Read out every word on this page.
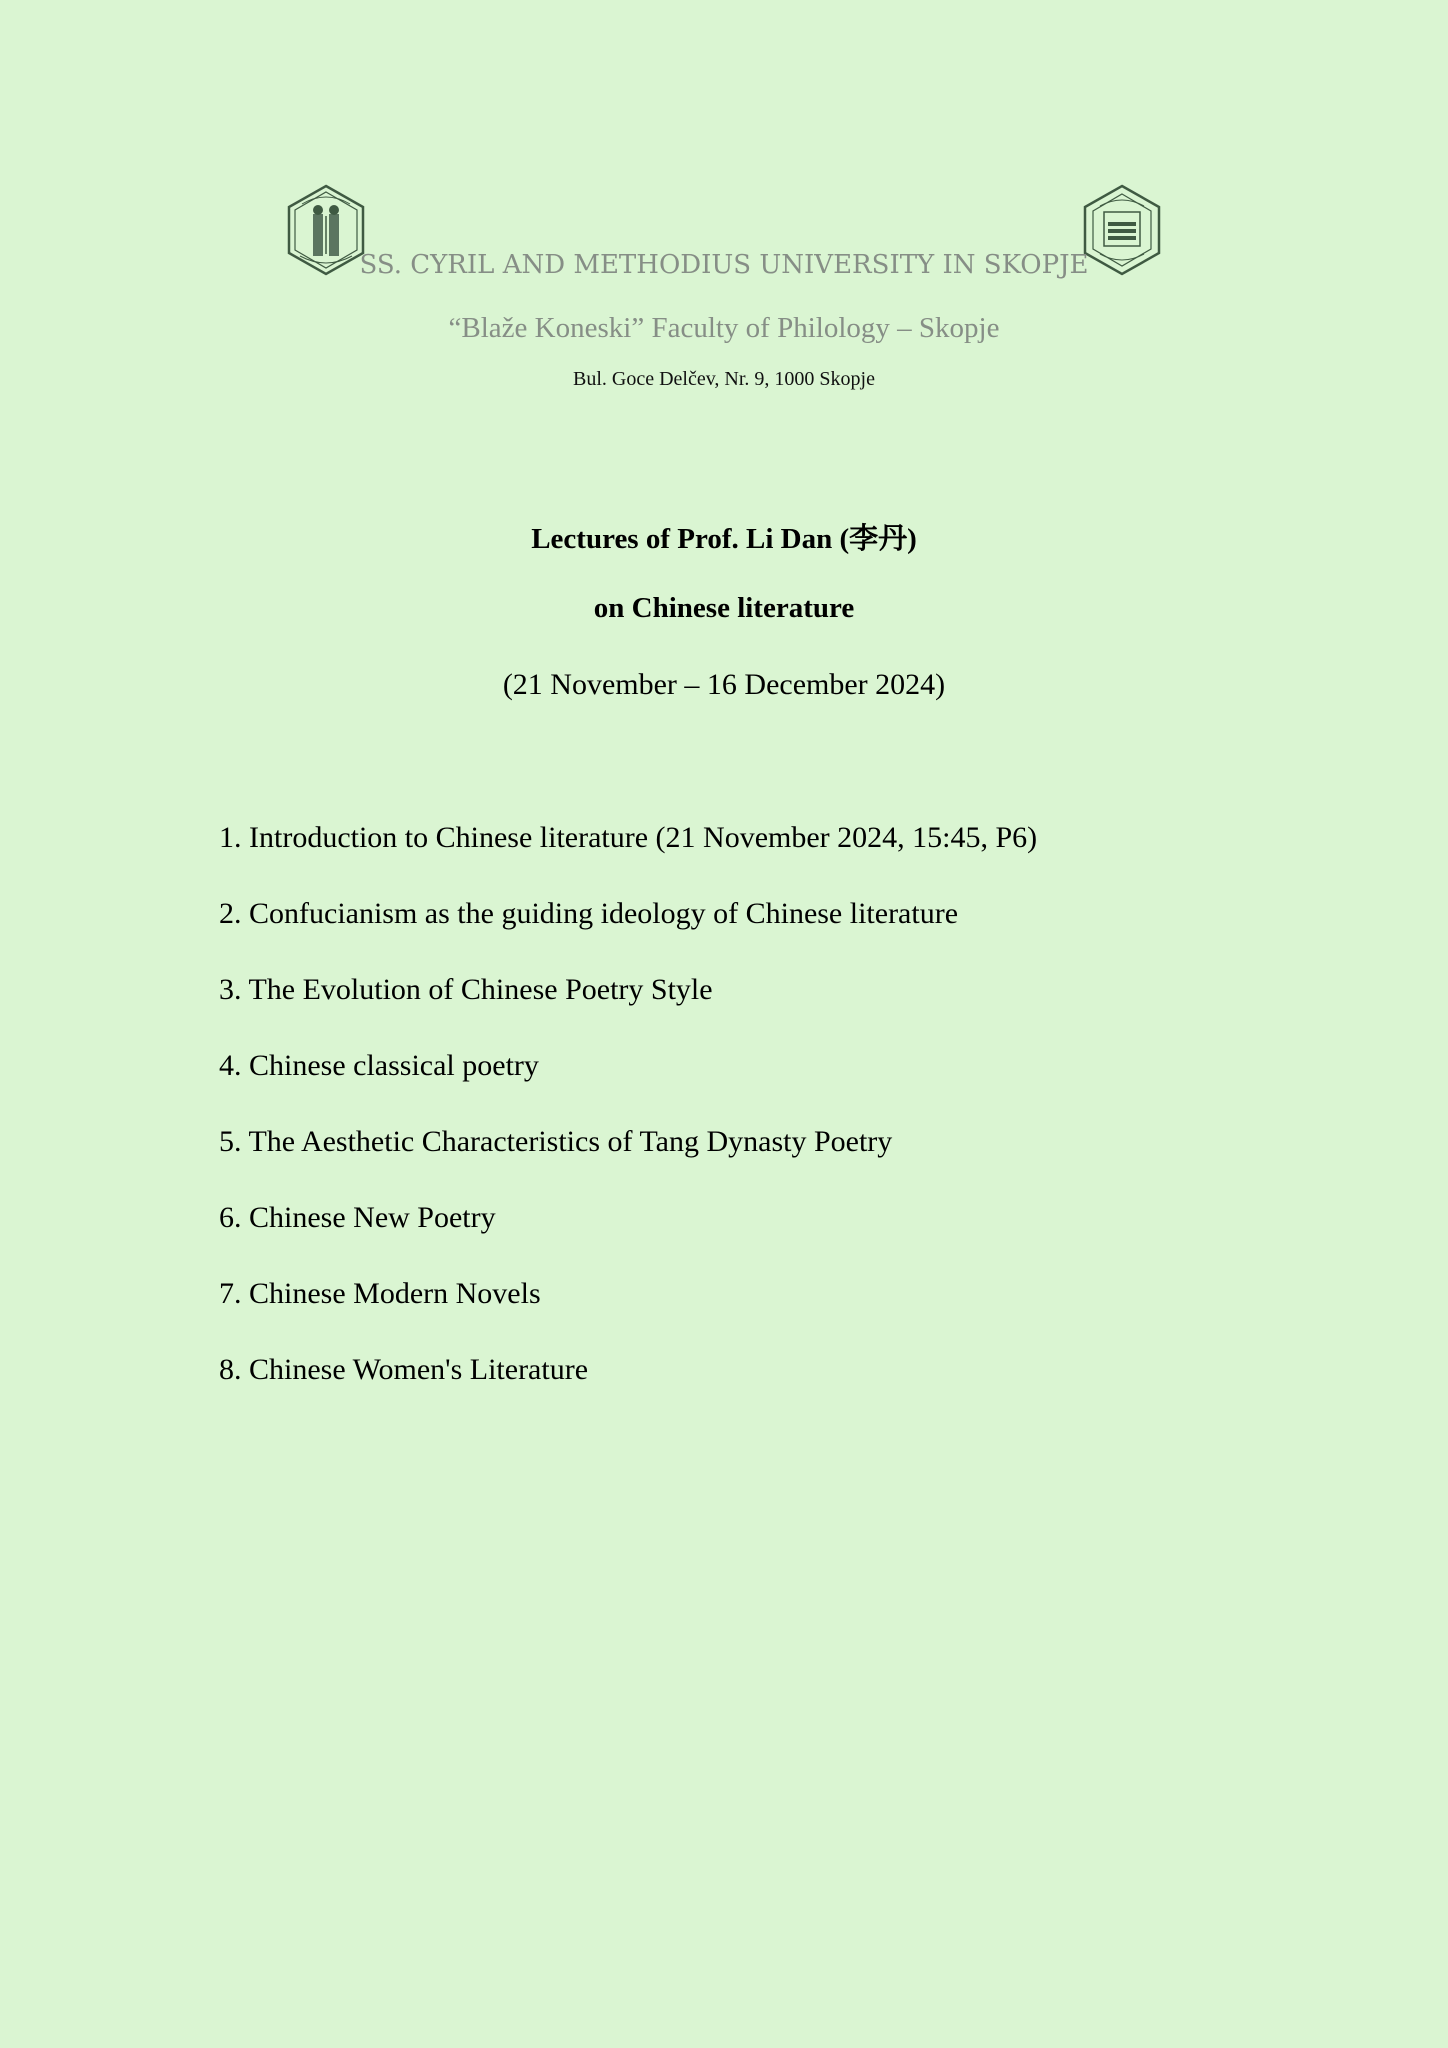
SS. CYRIL AND METHODIUS UNIVERSITY IN SKOPJE
“Blaže Koneski” Faculty of Philology – Skopje
Bul. Goce Delčev, Nr. 9, 1000 Skopje
Lectures of Prof. Li Dan (李丹)
on Chinese literature
(21 November – 16 December 2024)
1. Introduction to Chinese literature (21 November 2024, 15:45, P6)
2. Confucianism as the guiding ideology of Chinese literature
3. The Evolution of Chinese Poetry Style
4. Chinese classical poetry
5. The Aesthetic Characteristics of Tang Dynasty Poetry
6. Chinese New Poetry
7. Chinese Modern Novels
8. Chinese Women's Literature
